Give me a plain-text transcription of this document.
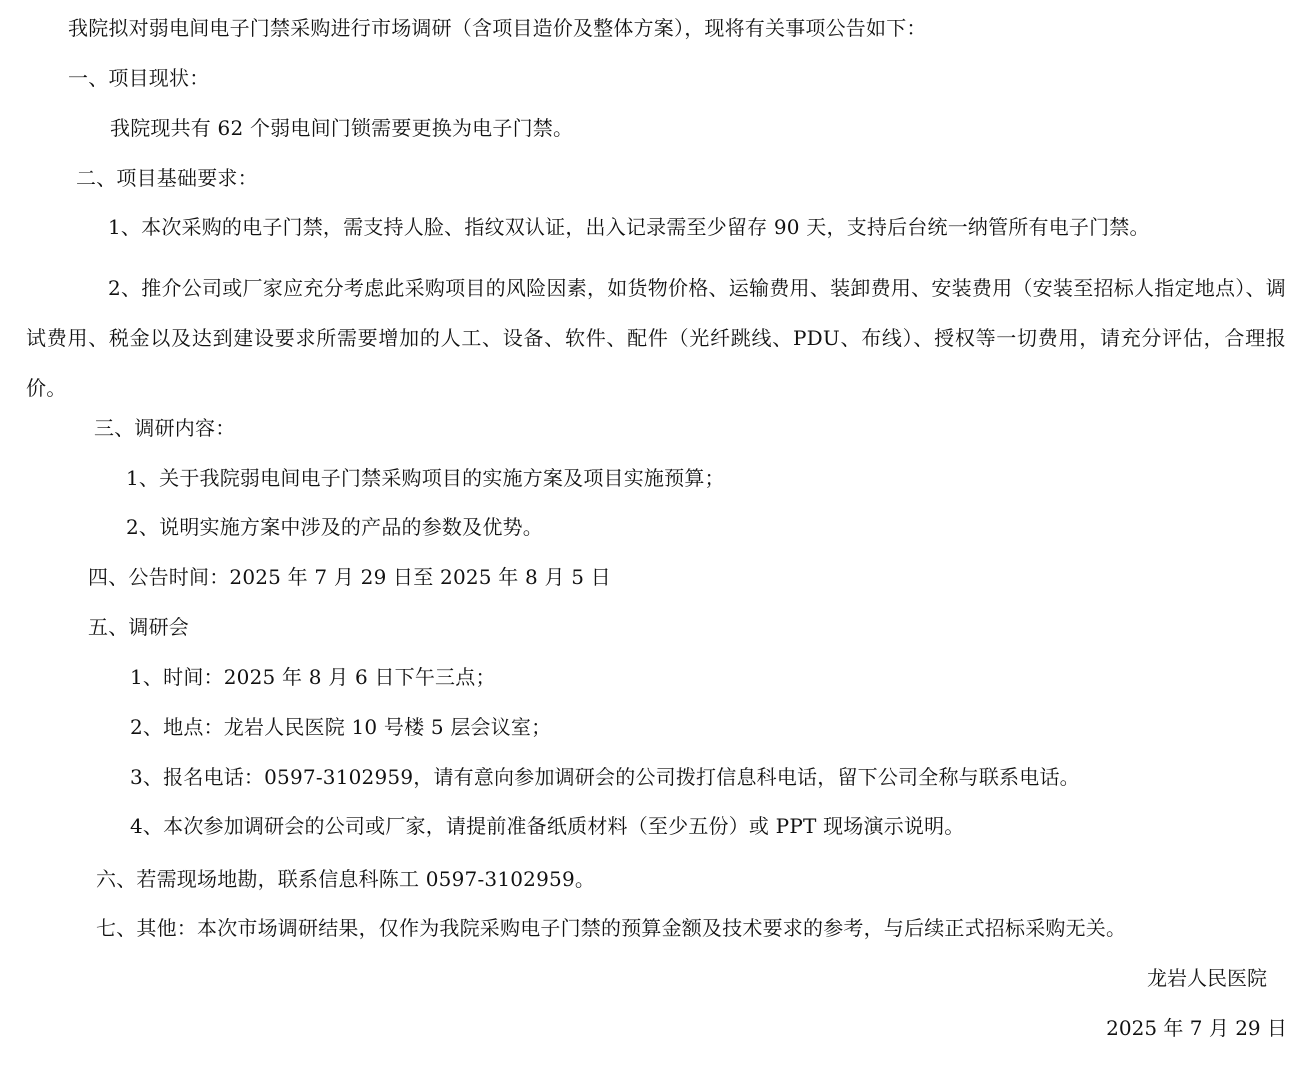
我院拟对弱电间电子门禁采购进行市场调研（含项目造价及整体方案），现将有关事项公告如下：
一、项目现状：
我院现共有 62 个弱电间门锁需要更换为电子门禁。
二、项目基础要求：
1、本次采购的电子门禁，需支持人脸、指纹双认证，出入记录需至少留存 90 天，支持后台统一纳管所有电子门禁。
2、推介公司或厂家应充分考虑此采购项目的风险因素，如货物价格、运输费用、装卸费用、安装费用（安装至招标人指定地点）、调试费用、税金以及达到建设要求所需要增加的人工、设备、软件、配件（光纤跳线、PDU、布线）、授权等一切费用，请充分评估，合理报价。
三、调研内容：
1、关于我院弱电间电子门禁采购项目的实施方案及项目实施预算；
2、说明实施方案中涉及的产品的参数及优势。
四、公告时间：2025 年 7 月 29 日至 2025 年 8 月 5 日
五、调研会
1、时间：2025 年 8 月 6 日下午三点；
2、地点：龙岩人民医院 10 号楼 5 层会议室；
3、报名电话：0597-3102959，请有意向参加调研会的公司拨打信息科电话，留下公司全称与联系电话。
4、本次参加调研会的公司或厂家，请提前准备纸质材料（至少五份）或 PPT 现场演示说明。
六、若需现场地勘，联系信息科陈工 0597-3102959。
七、其他：本次市场调研结果，仅作为我院采购电子门禁的预算金额及技术要求的参考，与后续正式招标采购无关。
龙岩人民医院
2025 年 7 月 29 日
